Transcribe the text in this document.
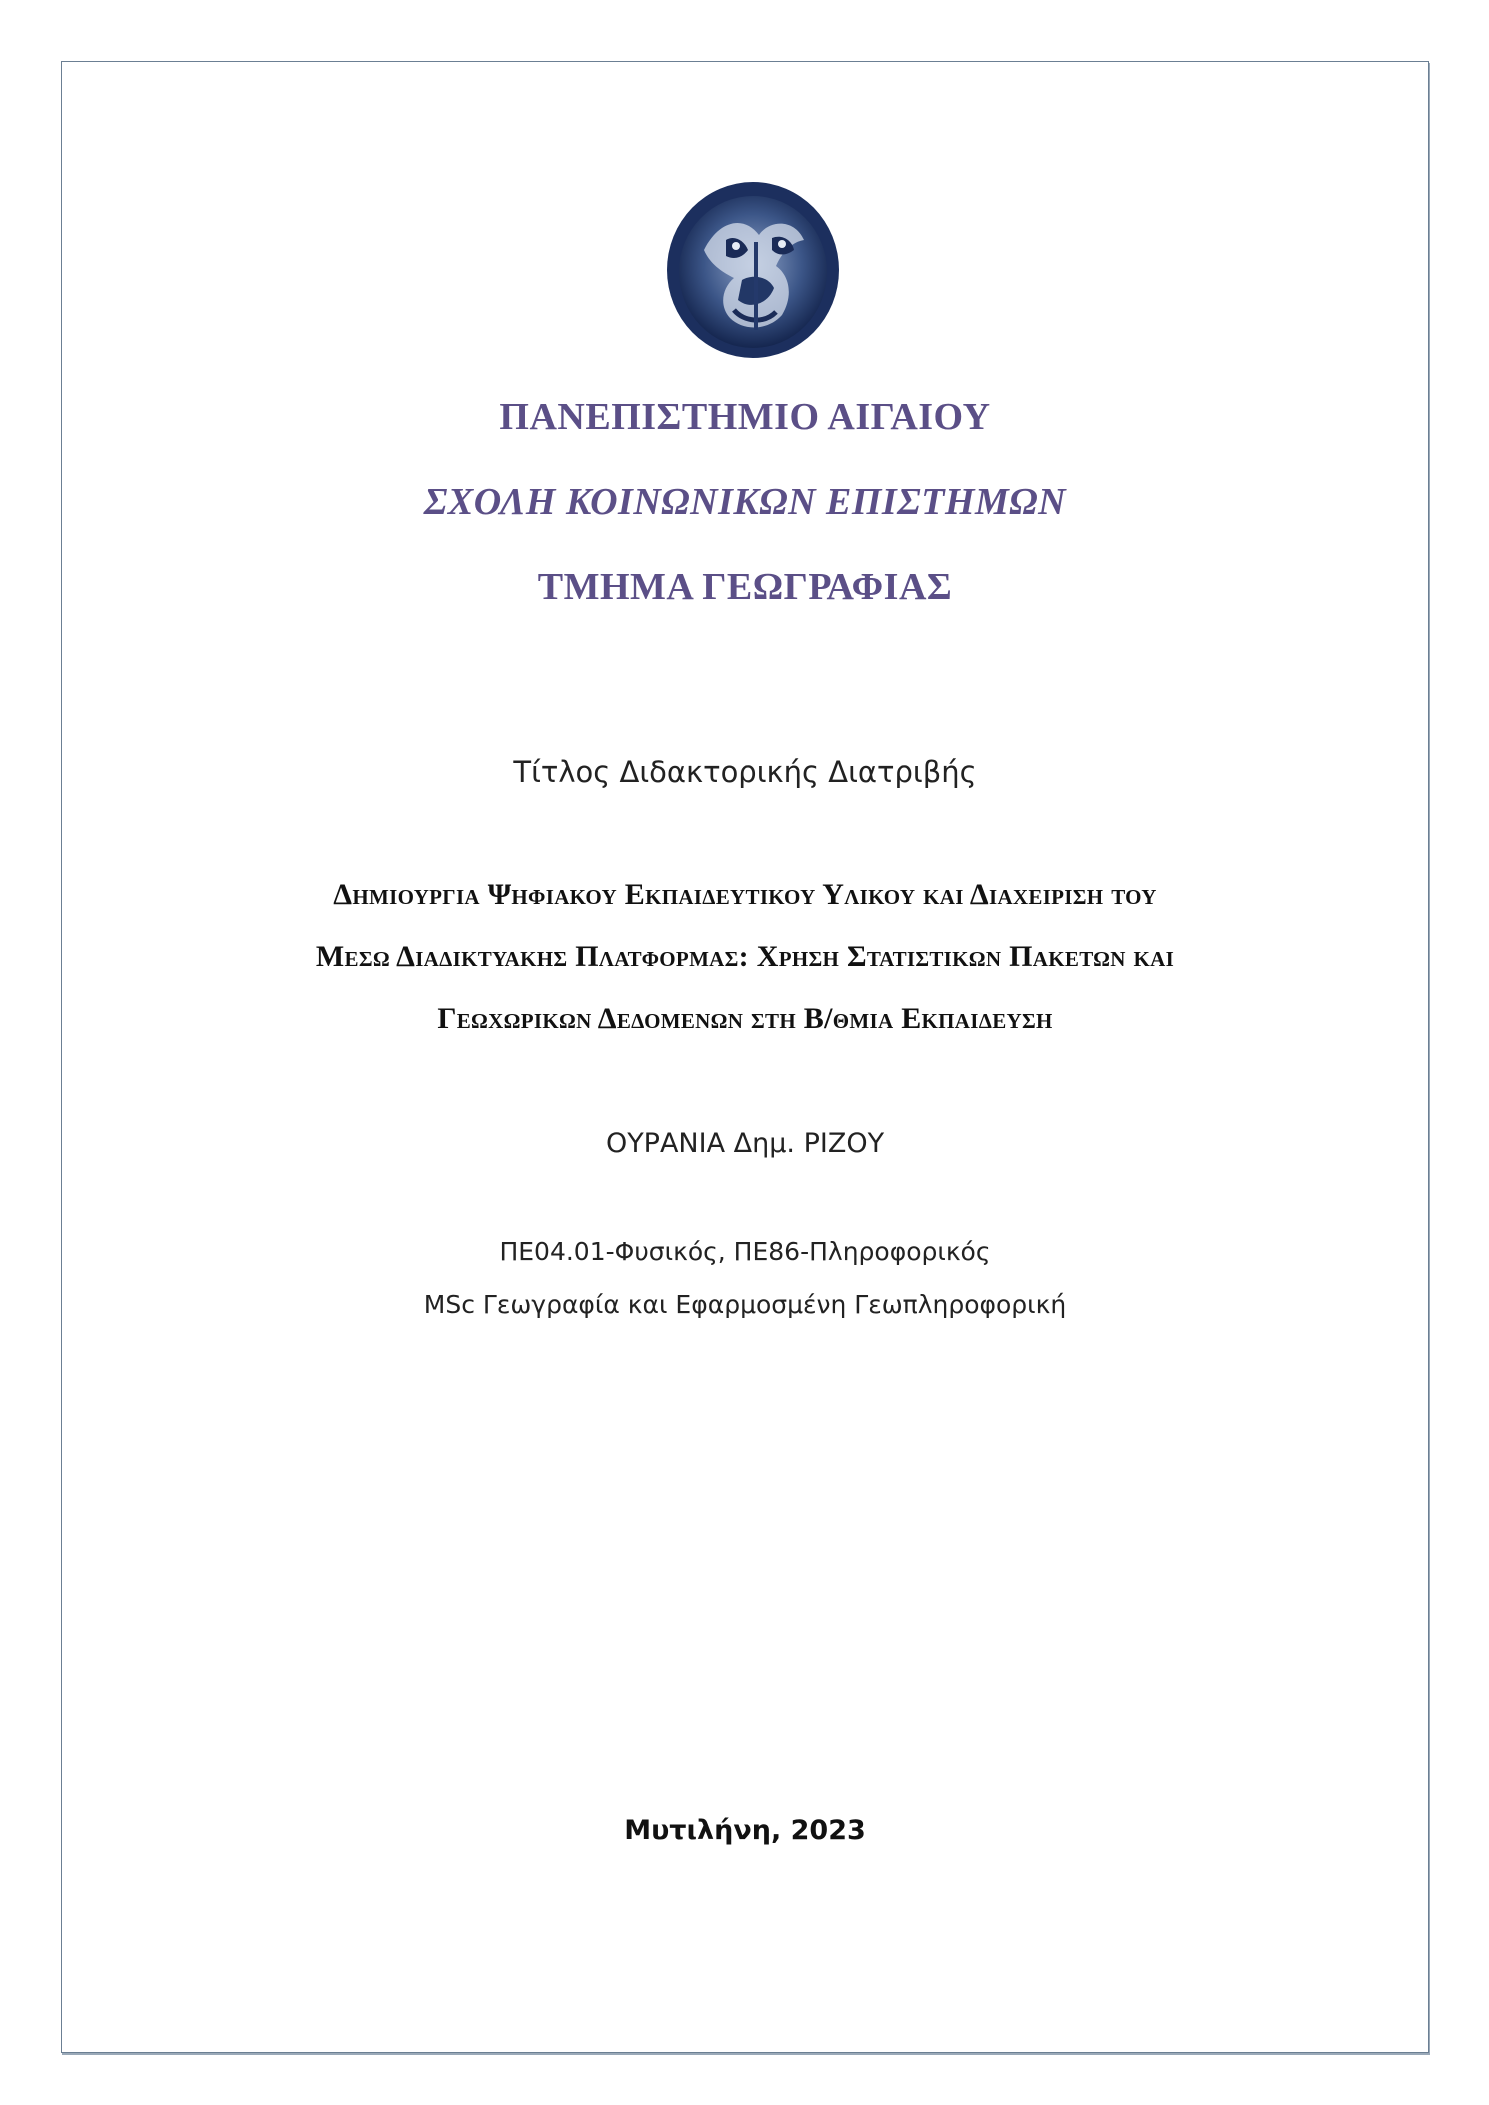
ΠΑΝΕΠΙΣΤΗΜΙΟ ΑΙΓΑΙΟΥ
ΣΧΟΛΗ ΚΟΙΝΩΝΙΚΩΝ ΕΠΙΣΤΗΜΩΝ
ΤΜΗΜΑ ΓΕΩΓΡΑΦΙΑΣ

Τίτλος Διδακτορικής Διατριβής

Δημιουργια Ψηφιακου Εκπαιδευτικου Υλικου και Διαχειριση του

Μεσω Διαδικτυακης Πλατφορμας: Χρηση Στατιστικων Πακετων και

Γεωχωρικων Δεδομενων στη Β/θμια Εκπαιδευση

ΟΥΡΑΝΙΑ Δημ. ΡΙΖΟΥ

ΠΕ04.01-Φυσικός, ΠΕ86-Πληροφορικός

MSc Γεωγραφία και Εφαρμοσμένη Γεωπληροφορική

Μυτιλήνη, 2023
